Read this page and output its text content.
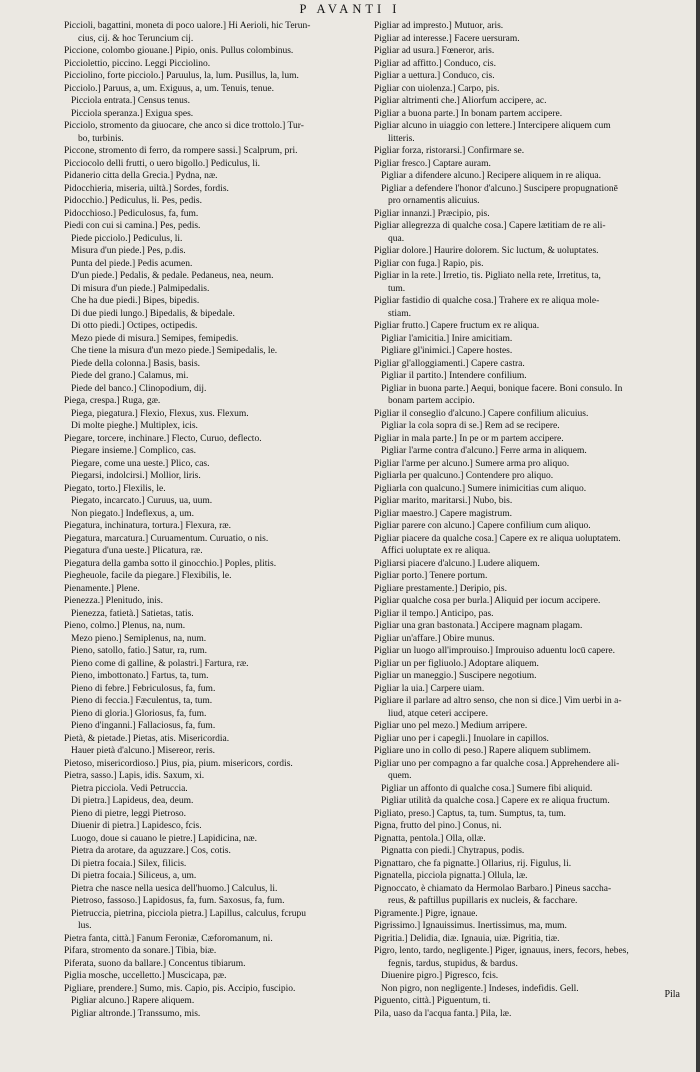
P AVANTI I
Piccioli, bagattini, moneta di poco ualore.] Hi Aerioli, hic Terun-
cius, cij. & hoc Teruncium cij.
Piccione, colombo giouane.] Pipio, onis. Pullus colombinus.
Picciolettio, piccino. Leggi Picciolino.
Picciolino, forte picciolo.] Paruulus, la, lum. Pusillus, la, lum.
Picciolo.] Paruus, a, um. Exiguus, a, um. Tenuis, tenue.
Picciola entrata.] Census tenus.
Picciola speranza.] Exigua spes.
Picciolo, stromento da giuocare, che anco si dice trottolo.] Tur-
bo, turbinis.
Piccone, stromento di ferro, da rompere sassi.] Scalprum, pri.
Picciocolo delli frutti, o uero bigollo.] Pediculus, li.
Pidanerio citta della Grecia.] Pydna, næ.
Pidocchieria, miseria, uiltà.] Sordes, fordis.
Pidocchio.] Pediculus, li. Pes, pedis.
Pidocchioso.] Pediculosus, fa, fum.
Piedi con cui si camina.] Pes, pedis.
Piede picciolo.] Pediculus, li.
Misura d'un piede.] Pes, p.dis.
Punta del piede.] Pedis acumen.
D'un piede.] Pedalis, & pedale. Pedaneus, nea, neum.
Di misura d'un piede.] Palmipedalis.
Che ha due piedi.] Bipes, bipedis.
Di due piedi lungo.] Bipedalis, & bipedale.
Di otto piedi.] Octipes, octipedis.
Mezo piede di misura.] Semipes, femipedis.
Che tiene la misura d'un mezo piede.] Semipedalis, le.
Piede della colonna.] Basis, basis.
Piede del grano.] Calamus, mi.
Piede del banco.] Clinopodium, dij.
Piega, crespa.] Ruga, gæ.
Piega, piegatura.] Flexio, Flexus, xus. Flexum.
Di molte pieghe.] Multiplex, icis.
Piegare, torcere, inchinare.] Flecto, Curuo, deflecto.
Piegare insieme.] Complico, cas.
Piegare, come una ueste.] Plico, cas.
Piegarsi, indolcirsi.] Mollior, liris.
Piegato, torto.] Flexilis, le.
Piegato, incarcato.] Curuus, ua, uum.
Non piegato.] Indeflexus, a, um.
Piegatura, inchinatura, tortura.] Flexura, ræ.
Piegatura, marcatura.] Curuamentum. Curuatio, o nis.
Piegatura d'una ueste.] Plicatura, ræ.
Piegatura della gamba sotto il ginocchio.] Poples, plitis.
Piegheuole, facile da piegare.] Flexibilis, le.
Pienamente.] Plene.
Pienezza.] Plenitudo, inis.
Pienezza, fatietà.] Satietas, tatis.
Pieno, colmo.] Plenus, na, num.
Mezo pieno.] Semiplenus, na, num.
Pieno, satollo, fatio.] Satur, ra, rum.
Pieno come di galline, & polastri.] Fartura, ræ.
Pieno, imbottonato.] Fartus, ta, tum.
Pieno di febre.] Febriculosus, fa, fum.
Pieno di feccia.] Fæculentus, ta, tum.
Pieno di gloria.] Gloriosus, fa, fum.
Pieno d'inganni.] Fallaciosus, fa, fum.
Pietà, & pietade.] Pietas, atis. Misericordia.
Hauer pietà d'alcuno.] Misereor, reris.
Pietoso, misericordioso.] Pius, pia, pium. misericors, cordis.
Pietra, sasso.] Lapis, idis. Saxum, xi.
Pietra picciola. Vedi Petruccia.
Di pietra.] Lapideus, dea, deum.
Pieno di pietre, leggi Pietroso.
Diuenir di pietra.] Lapidesco, fcis.
Luogo, doue si cauano le pietre.] Lapidicina, næ.
Pietra da arotare, da aguzzare.] Cos, cotis.
Di pietra focaia.] Silex, filicis.
Di pietra focaia.] Siliceus, a, um.
Pietra che nasce nella uesica dell'huomo.] Calculus, li.
Pietroso, fassoso.] Lapidosus, fa, fum. Saxosus, fa, fum.
Pietruccia, pietrina, picciola pietra.] Lapillus, calculus, fcrupu
lus.
Pietra fanta, città.] Fanum Feroniæ, Cæforomanum, ni.
Pifara, stromento da sonare.] Tibia, biæ.
Piferata, suono da ballare.] Concentus tibiarum.
Piglia mosche, uccelletto.] Muscicapa, pæ.
Pigliare, prendere.] Sumo, mis. Capio, pis. Accipio, fuscipio.
Pigliar alcuno.] Rapere aliquem.
Pigliar altronde.] Transsumo, mis.
Pigliar ad impresto.] Mutuor, aris.
Pigliar ad interesse.] Facere uersuram.
Pigliar ad usura.] Fœneror, aris.
Pigliar ad affitto.] Conduco, cis.
Pigliar a uettura.] Conduco, cis.
Pigliar con uiolenza.] Carpo, pis.
Pigliar altrimenti che.] Aliorfum accipere, ac.
Pigliar a buona parte.] In bonam partem accipere.
Pigliar alcuno in uiaggio con lettere.] Intercipere aliquem cum
litteris.
Pigliar forza, ristorarsi.] Confirmare se.
Pigliar fresco.] Captare auram.
Pigliar a difendere alcuno.] Recipere aliquem in re aliqua.
Pigliar a defendere l'honor d'alcuno.] Suscipere propugnationē
pro ornamentis alicuius.
Pigliar innanzi.] Præcipio, pis.
Pigliar allegrezza di qualche cosa.] Capere lætitiam de re ali-
qua.
Pigliar dolore.] Haurire dolorem. Sic luctum, & uoluptates.
Pigliar con fuga.] Rapio, pis.
Pigliar in la rete.] Irretio, tis. Pigliato nella rete, Irretitus, ta,
tum.
Pigliar fastidio di qualche cosa.] Trahere ex re aliqua mole-
stiam.
Pigliar frutto.] Capere fructum ex re aliqua.
Pigliar l'amicitia.] Inire amicitiam.
Pigliare gl'inimici.] Capere hostes.
Pigliar gl'alloggiamenti.] Capere castra.
Pigliar il partito.] Intendere confilium.
Pigliar in buona parte.] Aequi, bonique facere. Boni consulo. In
bonam partem accipio.
Pigliar il conseglio d'alcuno.] Capere confilium alicuius.
Pigliar la cola sopra di se.] Rem ad se recipere.
Pigliar in mala parte.] In pe or m partem accipere.
Pigliar l'arme contra d'alcuno.] Ferre arma in aliquem.
Pigliar l'arme per alcuno.] Sumere arma pro aliquo.
Pigliarla per qualcuno.] Contendere pro aliquo.
Pigliarla con qualcuno.] Sumere inimicitias cum aliquo.
Pigliar marito, maritarsi.] Nubo, bis.
Pigliar maestro.] Capere magistrum.
Pigliar parere con alcuno.] Capere confilium cum aliquo.
Pigliar piacere da qualche cosa.] Capere ex re aliqua uoluptatem.
Affici uoluptate ex re aliqua.
Pigliarsi piacere d'alcuno.] Ludere aliquem.
Pigliar porto.] Tenere portum.
Pigliare prestamente.] Deripio, pis.
Pigliar qualche cosa per burla.] Aliquid per iocum accipere.
Pigliar il tempo.] Anticipo, pas.
Pigliar una gran bastonata.] Accipere magnam plagam.
Pigliar un'affare.] Obire munus.
Pigliar un luogo all'improuiso.] Improuiso aduentu locū capere.
Pigliar un per figliuolo.] Adoptare aliquem.
Pigliar un maneggio.] Suscipere negotium.
Pigliar la uia.] Carpere uiam.
Pigliare il parlare ad altro senso, che non si dice.] Vim uerbi in a-
liud, atque ceteri accipere.
Pigliar uno pel mezo.] Medium arripere.
Pigliar uno per i capegli.] Inuolare in capillos.
Pigliare uno in collo di peso.] Rapere aliquem sublimem.
Pigliar uno per compagno a far qualche cosa.] Apprehendere ali-
quem.
Pigliar un affonto di qualche cosa.] Sumere fibi aliquid.
Pigliar utilità da qualche cosa.] Capere ex re aliqua fructum.
Pigliato, preso.] Captus, ta, tum. Sumptus, ta, tum.
Pigna, frutto del pino.] Conus, ni.
Pignatta, pentola.] Olla, ollæ.
Pignatta con piedi.] Chytrapus, podis.
Pignattaro, che fa pignatte.] Ollarius, rij. Figulus, li.
Pignatella, picciola pignatta.] Ollula, læ.
Pignoccato, è chiamato da Hermolao Barbaro.] Pineus saccha-
reus, & paftillus pupillaris ex nucleis, & facchare.
Pigramente.] Pigre, ignaue.
Pigrissimo.] Ignauissimus. Inertissimus, ma, mum.
Pigritia.] Delidia, diæ. Ignauia, uiæ. Pigritia, tiæ.
Pigro, lento, tardo, negligente.] Piger, ignauus, iners, fecors, hebes,
fegnis, tardus, stupidus, & bardus.
Diuenire pigro.] Pigresco, fcis.
Non pigro, non negligente.] Indeses, indefidis. Gell.
Piguento, città.] Piguentum, ti.
Pila, uaso da l'acqua fanta.] Pila, læ.
Pila
